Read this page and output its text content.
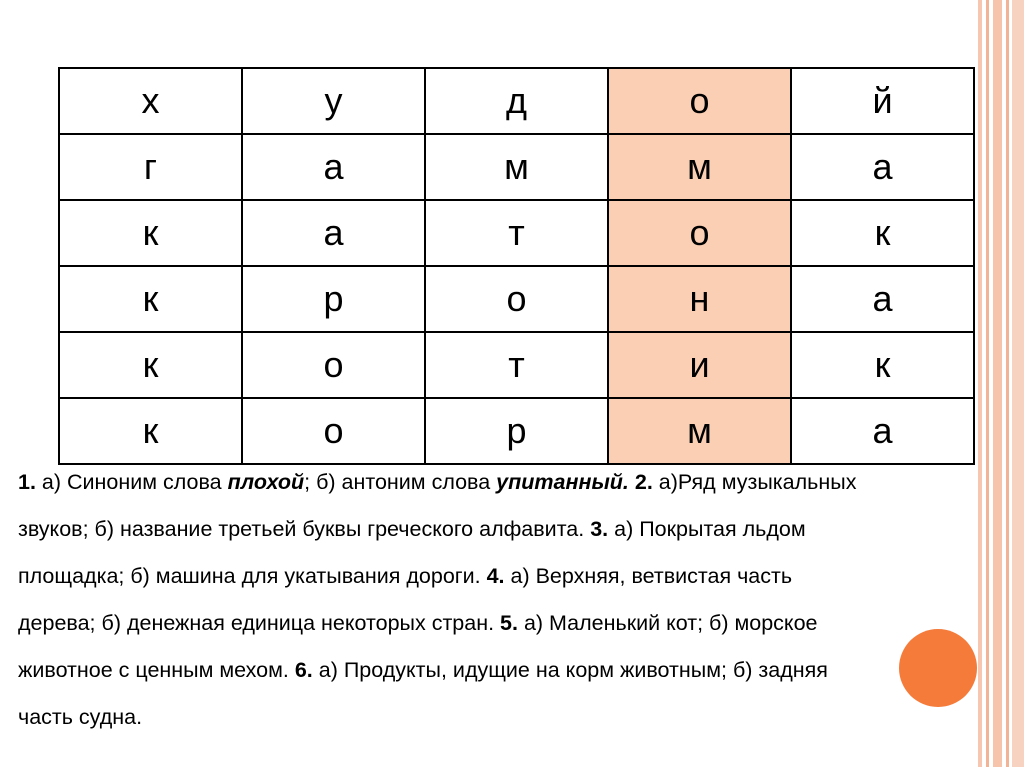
х	у	д	о	й
г	а	м	м	а
к	а	т	о	к
к	р	о	н	а
к	о	т	и	к
к	о	р	м	а
1. а) Синоним слова плохой; б) антоним слова упитанный. 2. а)Ряд музыкальных
звуков; б) название третьей буквы греческого алфавита. 3. а) Покрытая льдом
площадка; б) машина для укатывания дороги. 4. а) Верхняя, ветвистая часть
дерева; б) денежная единица некоторых стран. 5. а) Маленький кот; б) морское
животное с ценным мехом. 6. а) Продукты, идущие на корм животным; б) задняя
часть судна.
